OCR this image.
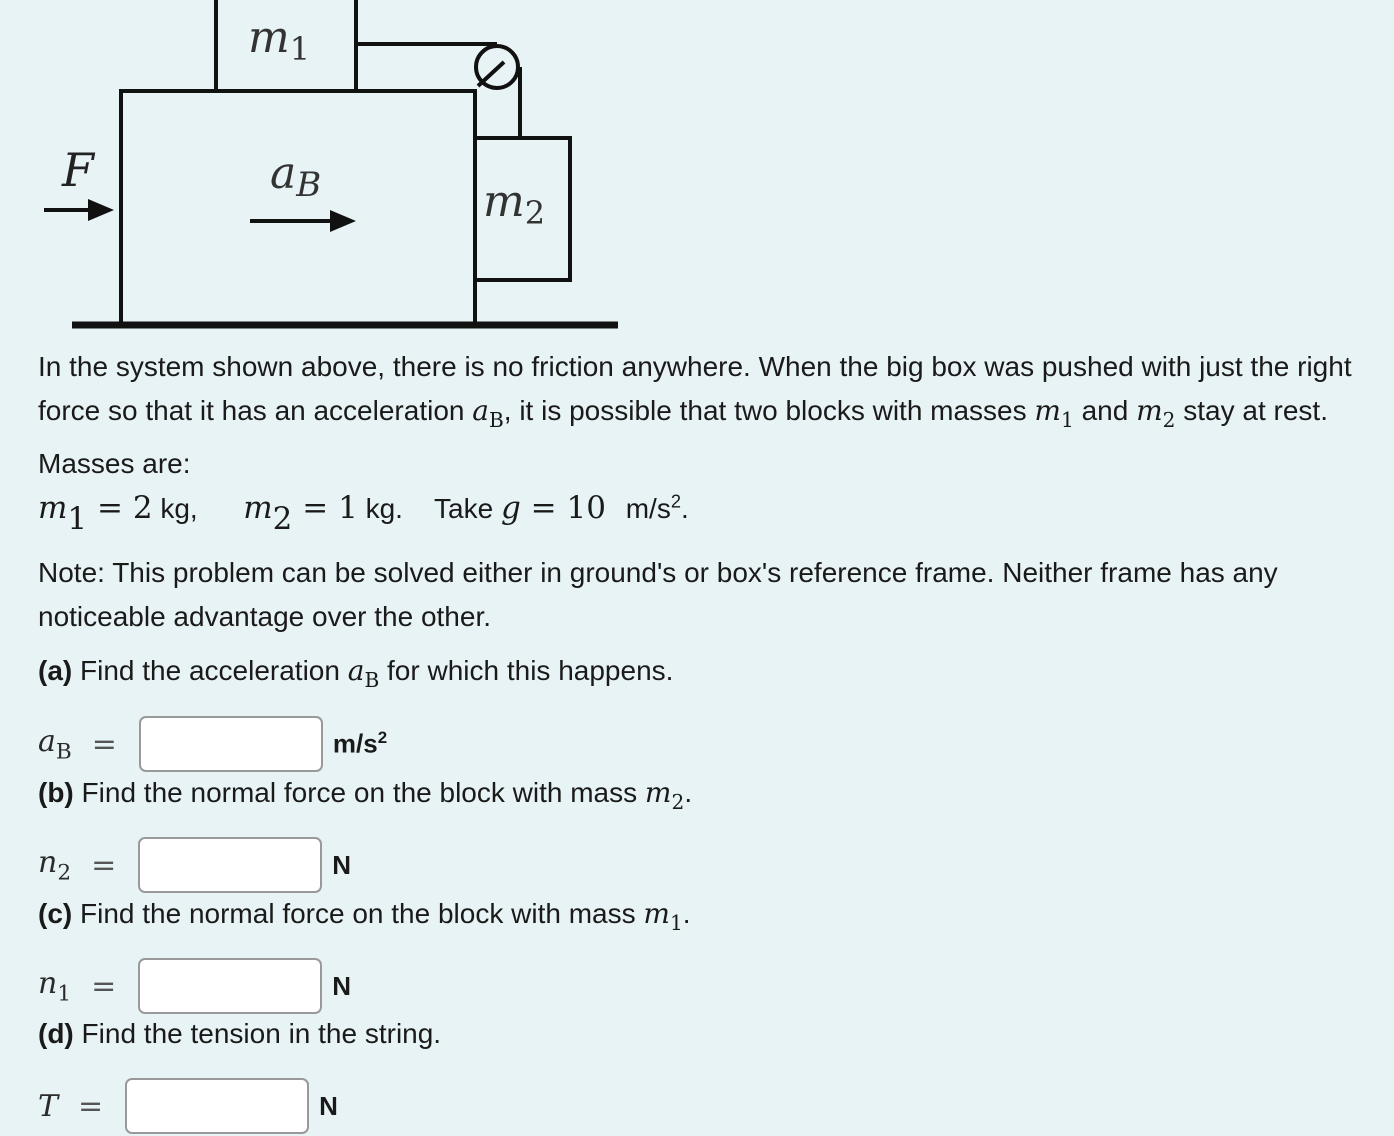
F
m1
aB	m2

In the system shown above, there is no friction anywhere. When the big box was pushed with just the right force so that it has an acceleration $a_B$, it is possible that two blocks with masses $m_1$ and $m_2$ stay at rest. Masses are:

m1 = 2 kg, m2 = 1 kg. Take g = 10 $m/s^2$.

Note: This problem can be solved either in ground's or box's reference frame. Neither frame has any noticeable advantage over the other.

(a) Find the acceleration $a_B$ for which this happens.

$a_B$ =	$m/s^2$

(b) Find the normal force on the block with mass $m_2$.

$n_2$ =	N

(c) Find the normal force on the block with mass $m_1$.

$n_1$ =	N

(d) Find the tension in the string.

T =	N
